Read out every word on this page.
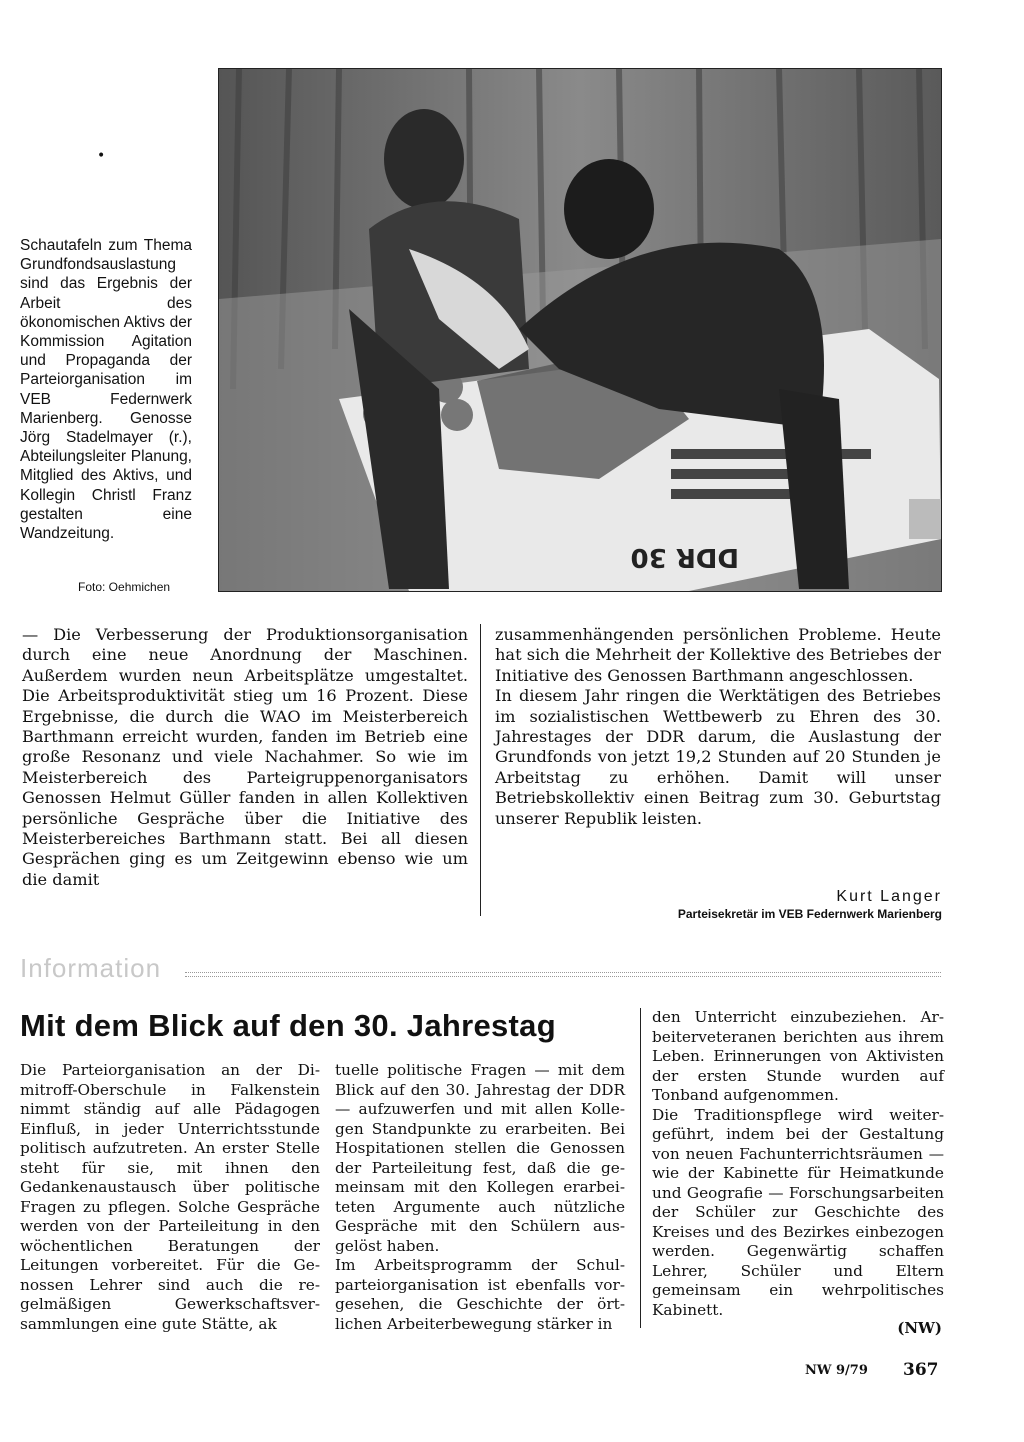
•
DDR 30

Schautafeln zum Thema Grundfondsauslastung sind das Ergebnis der Arbeit des ökonomischen Aktivs der Kommission Agitation und Propaganda der Parteiorganisation im VEB Federnwerk Marienberg. Genosse Jörg Stadelmayer (r.), Abteilungsleiter Planung, Mitglied des Aktivs, und Kollegin Christl Franz gestalten eine Wandzeitung.

Foto: Oehmichen

— Die Verbesserung der Produktionsorganisation durch eine neue Anordnung der Maschinen. Außerdem wurden neun Arbeitsplätze umgestaltet. Die Arbeitsproduktivität stieg um 16 Prozent. Diese Ergebnisse, die durch die WAO im Meisterbereich Barthmann erreicht wurden, fanden im Betrieb eine große Resonanz und viele Nachahmer. So wie im Meisterbereich des Parteigruppenorganisators Genossen Helmut Güller fanden in allen Kollektiven persönliche Gespräche über die Initiative des Meisterbereiches Barthmann statt. Bei all diesen Gesprächen ging es um Zeitgewinn ebenso wie um die damit

zusammenhängenden persönlichen Probleme. Heute hat sich die Mehrheit der Kollektive des Betriebes der Initiative des Genossen Barthmann angeschlossen.

In diesem Jahr ringen die Werktätigen des Betriebes im sozialistischen Wettbewerb zu Ehren des 30. Jahrestages der DDR darum, die Auslastung der Grundfonds von jetzt 19,2 Stunden auf 20 Stunden je Arbeitstag zu erhöhen. Damit will unser Betriebskollektiv einen Beitrag zum 30. Geburtstag unserer Republik leisten.

Kurt Langer
Parteisekretär im VEB Federnwerk Marienberg
Information
Mit dem Blick auf den 30. Jahrestag

Die Parteiorganisation an der Dimitroff-Oberschule in Falkenstein nimmt ständig auf alle Pädagogen Einfluß, in jeder Unterrichtsstunde politisch aufzutreten. An erster Stelle steht für sie, mit ihnen den Gedankenaustausch über politische Fragen zu pflegen. Solche Gespräche werden von der Parteileitung in den wöchentlichen Beratungen der Leitungen vorbereitet. Für die Genossen Lehrer sind auch die regelmäßigen Gewerkschaftsversammlungen eine gute Stätte, ak

tuelle politische Fragen — mit dem Blick auf den 30. Jahrestag der DDR — aufzuwerfen und mit allen Kollegen Standpunkte zu erarbeiten. Bei Hospitationen stellen die Genossen der Parteileitung fest, daß die gemeinsam mit den Kollegen erarbeiteten Argumente auch nützliche Gespräche mit den Schülern ausgelöst haben.

Im Arbeitsprogramm der Schulparteiorganisation ist ebenfalls vorgesehen, die Geschichte der örtlichen Arbeiterbewegung stärker in

den Unterricht einzubeziehen. Arbeiterveteranen berichten aus ihrem Leben. Erinnerungen von Aktivisten der ersten Stunde wurden auf Tonband aufgenommen.

Die Traditionspflege wird weitergeführt, indem bei der Gestaltung von neuen Fachunterrichtsräumen — wie der Kabinette für Heimatkunde und Geografie — Forschungsarbeiten der Schüler zur Geschichte des Kreises und des Bezirkes einbezogen werden. Gegenwärtig schaffen Lehrer, Schüler und Eltern gemeinsam ein wehrpolitisches Kabinett.

(NW)
NW 9/79 367
